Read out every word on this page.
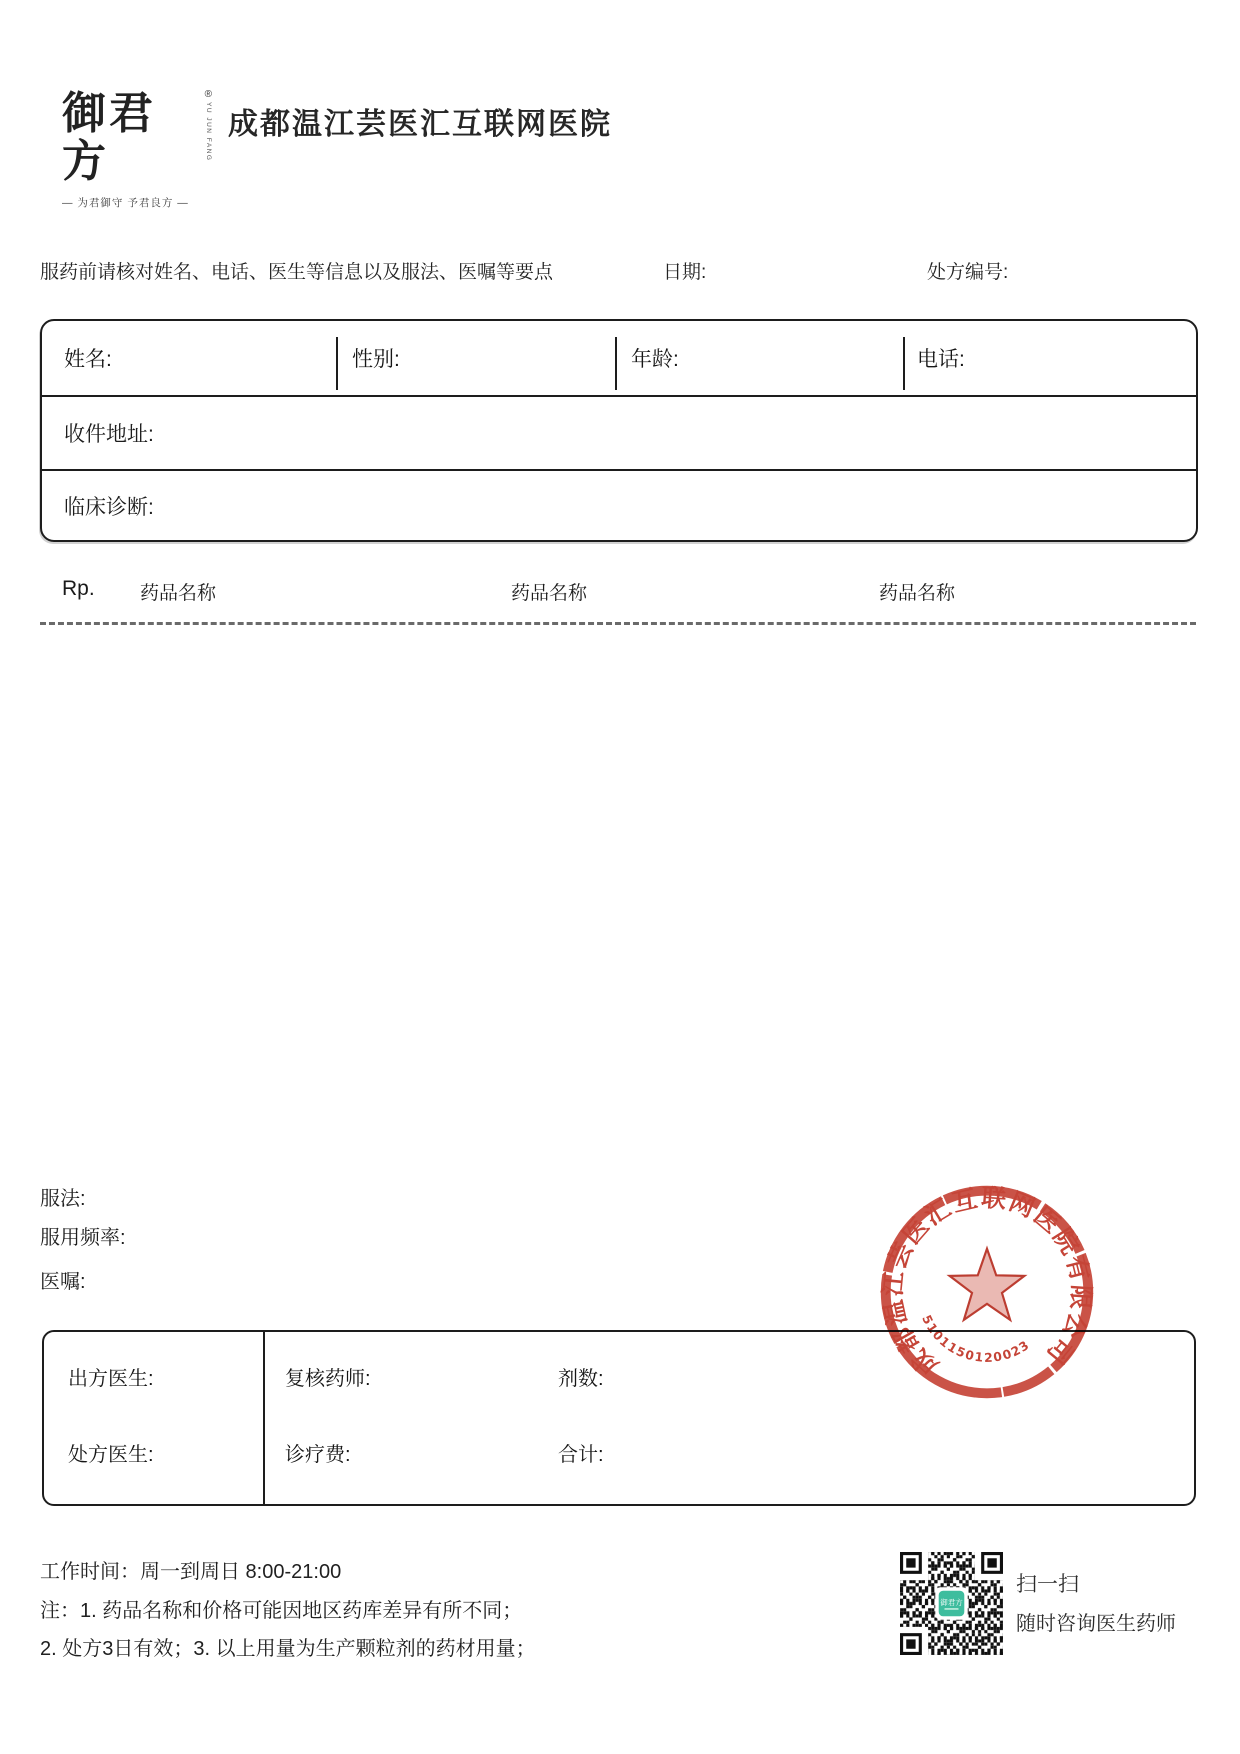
御君方
®
YU JUN FANG
— 为君御守 予君良方 —
成都温江芸医汇互联网医院
服药前请核对姓名、电话、医生等信息以及服法、医嘱等要点	日期:	处方编号:
姓名:	性别:	年龄:	电话:
收件地址:
临床诊断:
Rp. 药品名称	药品名称	药品名称
服法:
服用频率:
医嘱:
出方医生:
处方医生:
复核药师:	剂数:
诊疗费:	合计:
成都温江芸医汇互联网医院有限公司
5101150120023
工作时间：周一到周日 8:00-21:00
注：1. 药品名称和价格可能因地区药库差异有所不同；
2. 处方3日有效；3. 以上用量为生产颗粒剂的药材用量；
御君方
扫一扫
随时咨询医生药师
